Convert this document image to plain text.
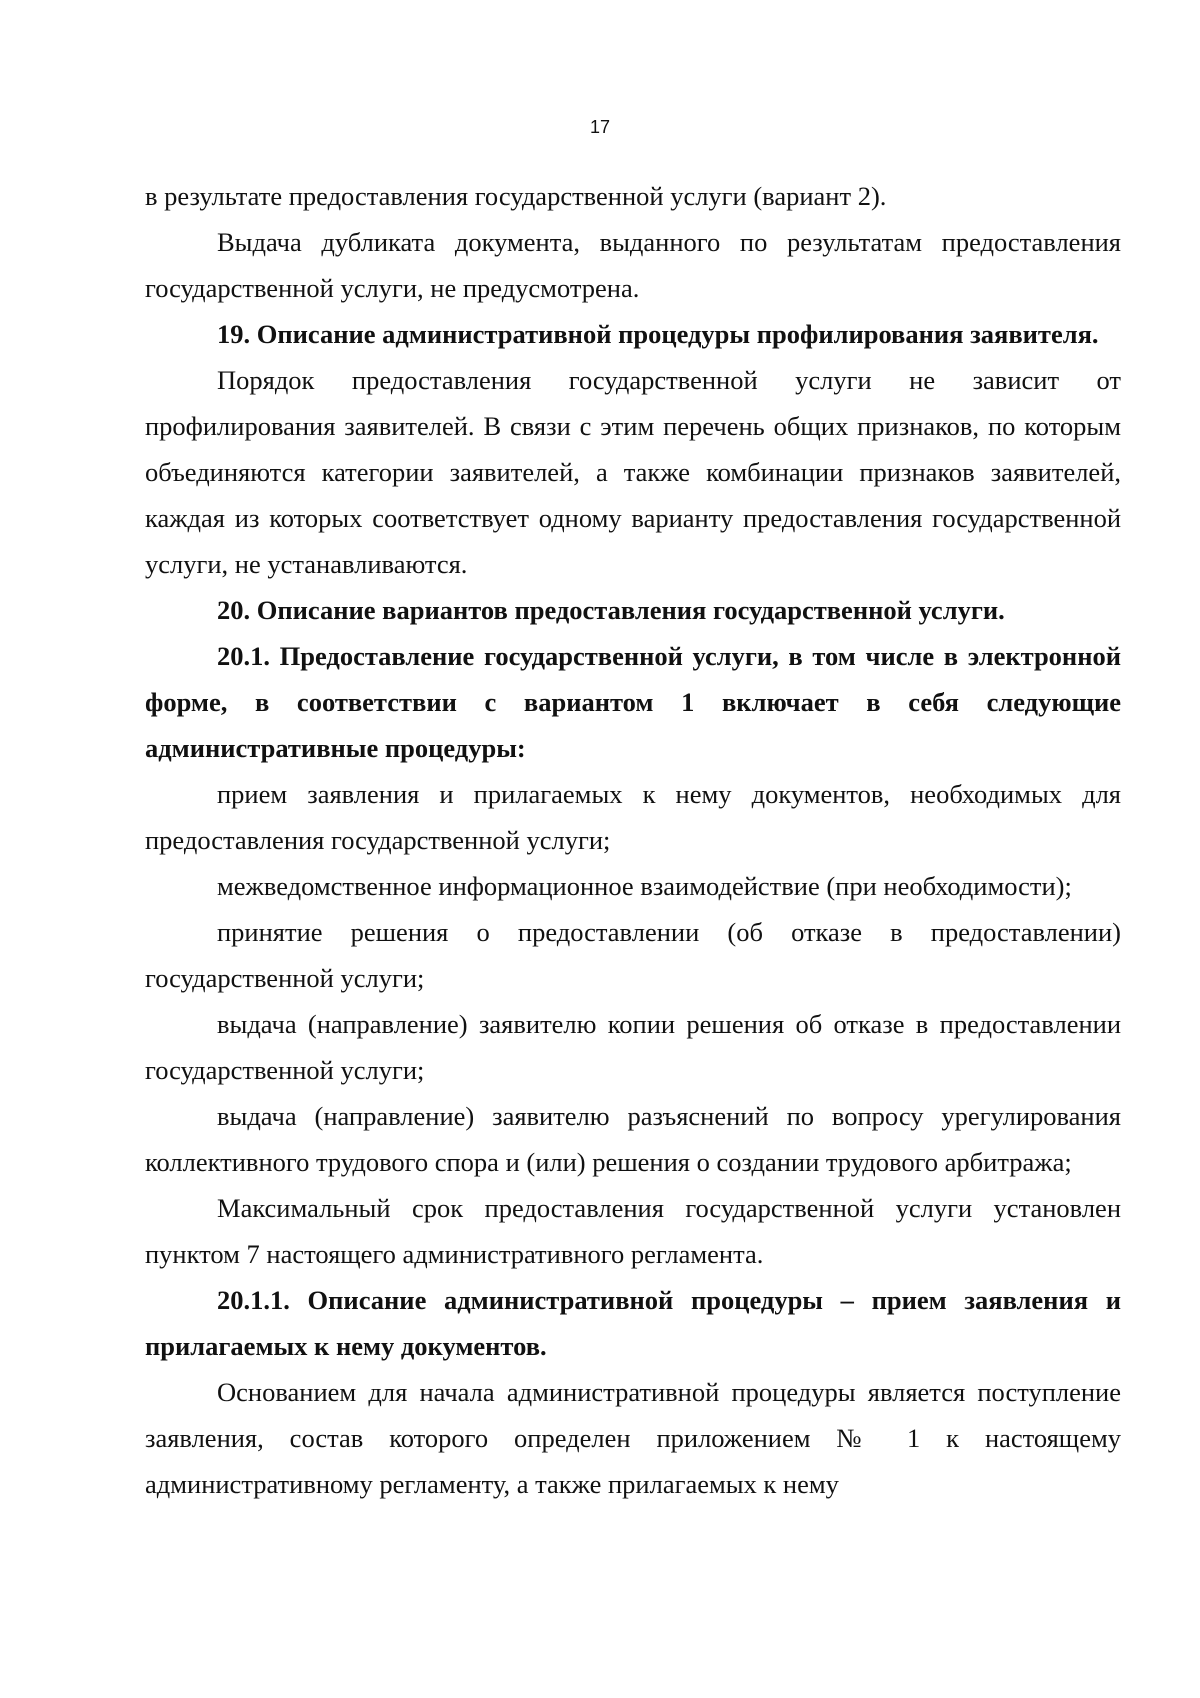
17

в результате предоставления государственной услуги (вариант 2).

Выдача дубликата документа, выданного по результатам предоставления государственной услуги, не предусмотрена.

19. Описание административной процедуры профилирования заявителя.

Порядок предоставления государственной услуги не зависит от профилирования заявителей. В связи с этим перечень общих признаков, по которым объединяются категории заявителей, а также комбинации признаков заявителей, каждая из которых соответствует одному варианту предоставления государственной услуги, не устанавливаются.

20. Описание вариантов предоставления государственной услуги.

20.1. Предоставление государственной услуги, в том числе в электронной форме, в соответствии с вариантом 1 включает в себя следующие административные процедуры:

прием заявления и прилагаемых к нему документов, необходимых для предоставления государственной услуги;

межведомственное информационное взаимодействие (при необходимости);

принятие решения о предоставлении (об отказе в предоставлении) государственной услуги;

выдача (направление) заявителю копии решения об отказе в предоставлении государственной услуги;

выдача (направление) заявителю разъяснений по вопросу урегулирования коллективного трудового спора и (или) решения о создании трудового арбитража;

Максимальный срок предоставления государственной услуги установлен пунктом 7 настоящего административного регламента.

20.1.1. Описание административной процедуры – прием заявления и прилагаемых к нему документов.

Основанием для начала административной процедуры является поступление заявления, состав которого определен приложением № 1 к настоящему административному регламенту, а также прилагаемых к нему
